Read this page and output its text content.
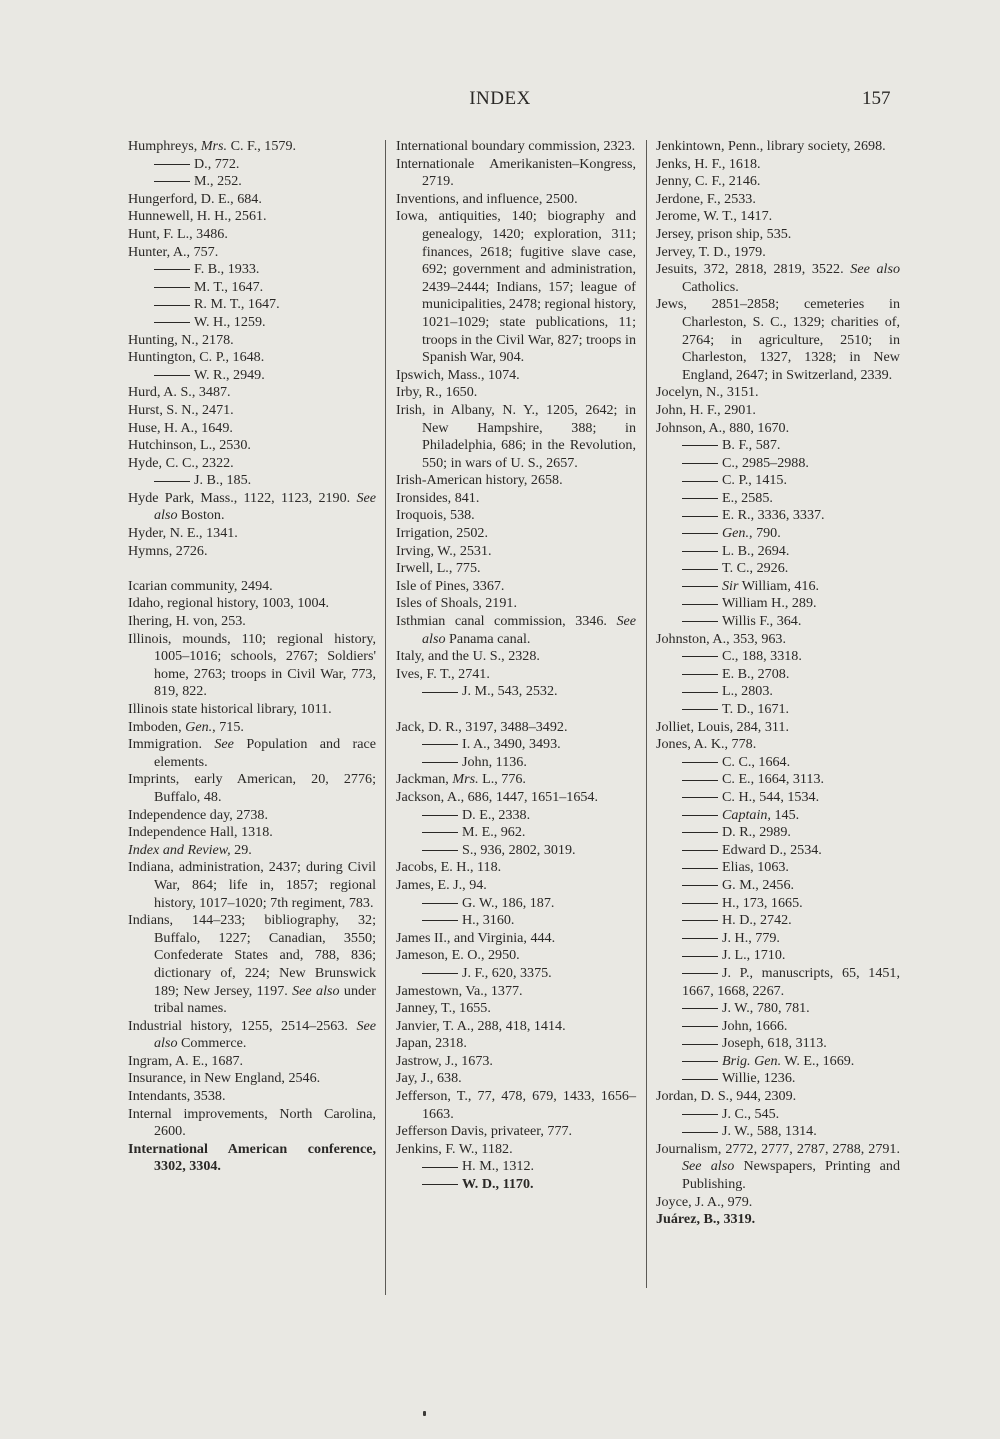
INDEX	157
Humphreys, Mrs. C. F., 1579.
D., 772.
M., 252.
Hungerford, D. E., 684.
Hunnewell, H. H., 2561.
Hunt, F. L., 3486.
Hunter, A., 757.
F. B., 1933.
M. T., 1647.
R. M. T., 1647.
W. H., 1259.
Hunting, N., 2178.
Huntington, C. P., 1648.
W. R., 2949.
Hurd, A. S., 3487.
Hurst, S. N., 2471.
Huse, H. A., 1649.
Hutchinson, L., 2530.
Hyde, C. C., 2322.
J. B., 185.
Hyde Park, Mass., 1122, 1123, 2190. See also Boston.
Hyder, N. E., 1341.
Hymns, 2726.
Icarian community, 2494.
Idaho, regional history, 1003, 1004.
Ihering, H. von, 253.
Illinois, mounds, 110; regional history, 1005–1016; schools, 2767; Soldiers' home, 2763; troops in Civil War, 773, 819, 822.
Illinois state historical library, 1011.
Imboden, Gen., 715.
Immigration. See Population and race elements.
Imprints, early American, 20, 2776; Buffalo, 48.
Independence day, 2738.
Independence Hall, 1318.
Index and Review, 29.
Indiana, administration, 2437; during Civil War, 864; life in, 1857; regional history, 1017–1020; 7th regiment, 783.
Indians, 144–233; bibliography, 32; Buffalo, 1227; Canadian, 3550; Confederate States and, 788, 836; dictionary of, 224; New Brunswick 189; New Jersey, 1197. See also under tribal names.
Industrial history, 1255, 2514–2563. See also Commerce.
Ingram, A. E., 1687.
Insurance, in New England, 2546.
Intendants, 3538.
Internal improvements, North Carolina, 2600.
International American conference, 3302, 3304.
International boundary commission, 2323.
Internationale Amerikanisten–Kongress, 2719.
Inventions, and influence, 2500.
Iowa, antiquities, 140; biography and genealogy, 1420; exploration, 311; finances, 2618; fugitive slave case, 692; government and administration, 2439–2444; Indians, 157; league of municipalities, 2478; regional history, 1021–1029; state publications, 11; troops in the Civil War, 827; troops in Spanish War, 904.
Ipswich, Mass., 1074.
Irby, R., 1650.
Irish, in Albany, N. Y., 1205, 2642; in New Hampshire, 388; in Philadelphia, 686; in the Revolution, 550; in wars of U. S., 2657.
Irish-American history, 2658.
Ironsides, 841.
Iroquois, 538.
Irrigation, 2502.
Irving, W., 2531.
Irwell, L., 775.
Isle of Pines, 3367.
Isles of Shoals, 2191.
Isthmian canal commission, 3346. See also Panama canal.
Italy, and the U. S., 2328.
Ives, F. T., 2741.
J. M., 543, 2532.
Jack, D. R., 3197, 3488–3492.
I. A., 3490, 3493.
John, 1136.
Jackman, Mrs. L., 776.
Jackson, A., 686, 1447, 1651–1654.
D. E., 2338.
M. E., 962.
S., 936, 2802, 3019.
Jacobs, E. H., 118.
James, E. J., 94.
G. W., 186, 187.
H., 3160.
James II., and Virginia, 444.
Jameson, E. O., 2950.
J. F., 620, 3375.
Jamestown, Va., 1377.
Janney, T., 1655.
Janvier, T. A., 288, 418, 1414.
Japan, 2318.
Jastrow, J., 1673.
Jay, J., 638.
Jefferson, T., 77, 478, 679, 1433, 1656–1663.
Jefferson Davis, privateer, 777.
Jenkins, F. W., 1182.
H. M., 1312.
W. D., 1170.
Jenkintown, Penn., library society, 2698.
Jenks, H. F., 1618.
Jenny, C. F., 2146.
Jerdone, F., 2533.
Jerome, W. T., 1417.
Jersey, prison ship, 535.
Jervey, T. D., 1979.
Jesuits, 372, 2818, 2819, 3522. See also Catholics.
Jews, 2851–2858; cemeteries in Charleston, S. C., 1329; charities of, 2764; in agriculture, 2510; in Charleston, 1327, 1328; in New England, 2647; in Switzerland, 2339.
Jocelyn, N., 3151.
John, H. F., 2901.
Johnson, A., 880, 1670.
B. F., 587.
C., 2985–2988.
C. P., 1415.
E., 2585.
E. R., 3336, 3337.
Gen., 790.
L. B., 2694.
T. C., 2926.
Sir William, 416.
William H., 289.
Willis F., 364.
Johnston, A., 353, 963.
C., 188, 3318.
E. B., 2708.
L., 2803.
T. D., 1671.
Jolliet, Louis, 284, 311.
Jones, A. K., 778.
C. C., 1664.
C. E., 1664, 3113.
C. H., 544, 1534.
Captain, 145.
D. R., 2989.
Edward D., 2534.
Elias, 1063.
G. M., 2456.
H., 173, 1665.
H. D., 2742.
J. H., 779.
J. L., 1710.
J. P., manuscripts, 65, 1451, 1667, 1668, 2267.
J. W., 780, 781.
John, 1666.
Joseph, 618, 3113.
Brig. Gen. W. E., 1669.
Willie, 1236.
Jordan, D. S., 944, 2309.
J. C., 545.
J. W., 588, 1314.
Journalism, 2772, 2777, 2787, 2788, 2791. See also Newspapers, Printing and Publishing.
Joyce, J. A., 979.
Juárez, B., 3319.
